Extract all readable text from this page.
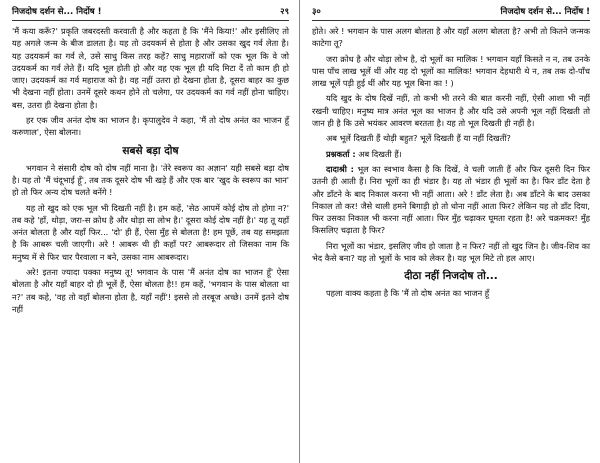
निजदोष दर्शन से... निर्दोष !	२९

'मैं कया करूँ?' प्रकृति जबरदस्ती करवाती है और कहता है कि 'मैंने किया!' और इसीलिए तो यह अगले जन्म के बीज डालता है। यह तो उदयकर्म से होता है और उसका खुद गर्व लेता है। यह उदयकर्म का गर्व ले, उसे साधु किस तरह कहें? साधु महाराजों को एक भूल कि वे जो उदयकर्म का गर्व लेते हैं। यदि भूल होती हो और वह एक भूल ही यदि मिटा दें तो काम ही हो जाए। उदयकर्म का गर्व महाराज को है। वह नहीं उतरा हो देखना होता है, दूसरा बाहर का कुछ भी देखना नहीं होता। उनमें दूसरे कथन होने तो चलेगा, पर उदयकर्म का गर्व नहीं होना चाहिए। बस, उतरा ही देखना होता है।

हर एक जीव अनंत दोष का भाजन है। कृपालुदेव ने कहा, 'मैं तो दोष अनंत का भाजन हूँ करुणाल', ऐसा बोलना।

सबसे बड़ा दोष

भगवान ने संसारी दोष को दोष नहीं माना है। 'तेरे स्वरूप का अज्ञान' यही सबसे बड़ा दोष है। यह तो 'मैं चंदूभाई हूँ', तब तक दूसरे दोष भी खड़े हैं और एक बार 'खुद के स्वरूप का भान' हो तो फिर अन्य दोष चलते बनेंगे !

यह तो खुद को एक भूल भी दिखती नहीं है। हम कहें, 'सेठ आपमें कोई दोष तो होगा न?' तब कहे 'हाँ, थोड़ा, जरा-स क्रोध है और थोड़ा सा लोभ है।' दूसरा कोई दोष नहीं है।' यह तू यहाँ अनंत बोलता है और यहाँ फिर... 'दो' ही हैं, ऐसा मुँह से बोलता है! हम पूछें, तब यह समझता है कि आबरू चली जाएगी। अरे ! आबरू थी ही कहाँ पर? आबरूदार तो जिसका नाम कि मनुष्य में से फिर चार पैरवाला न बने, उसका नाम आबरूदार।

अरे! इतना ज्यादा पक्का मनुष्य तू! भगवान के पास 'मैं अनंत दोष का भाजन हूँ' ऐसा बोलता है और यहाँ बाहर दो ही भूलें हैं, ऐसा बोलता है!! हम कहें, 'भगवान के पास बोलता था न?' तब कहे, 'वह तो वहाँ बोलना होता है, यहाँ नहीं'! इससे तो तरबूज अच्छे। उनमें इतने दोष नहीं

३०	निजदोष दर्शन से... निर्दोष !

होते। अरे ! भगवान के पास अलग बोलता है और यहाँ अलग बोलता है? अभी तो कितने जन्मक काटेगा तू?

जरा क्रोध है और थोड़ा लोभ है, दो भूलों का मालिक ! भगवान यहाँ किसते न न, तब उनके पास पाँच लाख भूलें थीं और यह दो भूलों का मालिक! भगवान देहधारी थे न, तब तक दो-पाँच लाख भूलें पड़ी हुई थीं और यह भूल बिना का ! )

यदि खुद के दोष दिखें नहीं, तो कभी भी तरने की बात करनी नहीं, ऐसी आशा भी नहीं रखनी चाहिए। मनुष्य मात्र अनंत भूल का भाजन है और यदि उसे अपनी भूल नहीं दिखती तो जान ही है कि उसे भयंकर आवरण बरतता है। यह तो भूल दिखती ही नहीं है।

अब भूलें दिखती हैं थोड़ी बहुत? भूलें दिखती हैं या नहीं दिखतीं?

प्रश्नकर्ता : अब दिखती हैं।

दादाश्री : भूल का स्वभाव कैसा है कि दिखें, वे चली जाती हैं और फिर दूसरी दिन फिर उतनी ही आती हैं। निरा भूलों का ही भंडार है। यह तो भंडार ही भूलों का है। फिर डाँट देता है और डाँटने के बाद निकाल करना भी नहीं आता। अरे ! डाँट लेता है। अब डाँटने के बाद उसका निकाल तो कर! जैसे थाली हमने बिगाड़ी हो तो धोना नहीं आता फिर? लेकिन यह तो डाँट दिया, फिर उसका निकाल भी करना नहीं आता। फिर मुँह चढ़ाकर घूमता रहता है! अरे चक्रमकर! मुँह किसलिए चढ़ाता है फिर?

निरा भूलों का भंडार, इसलिए जीव हो जाता है न फिर? नहीं तो खुद जिन है। जीव-शिव का भेद कैसे बना? यह तो भूलों के भाव को लेकर है। यह भूल मिटे तो हल आए।

दीठा नहीं निजदोष तो...

पहला वाक्य कहता है कि 'मैं तो दोष अनंत का भाजन हूँ
